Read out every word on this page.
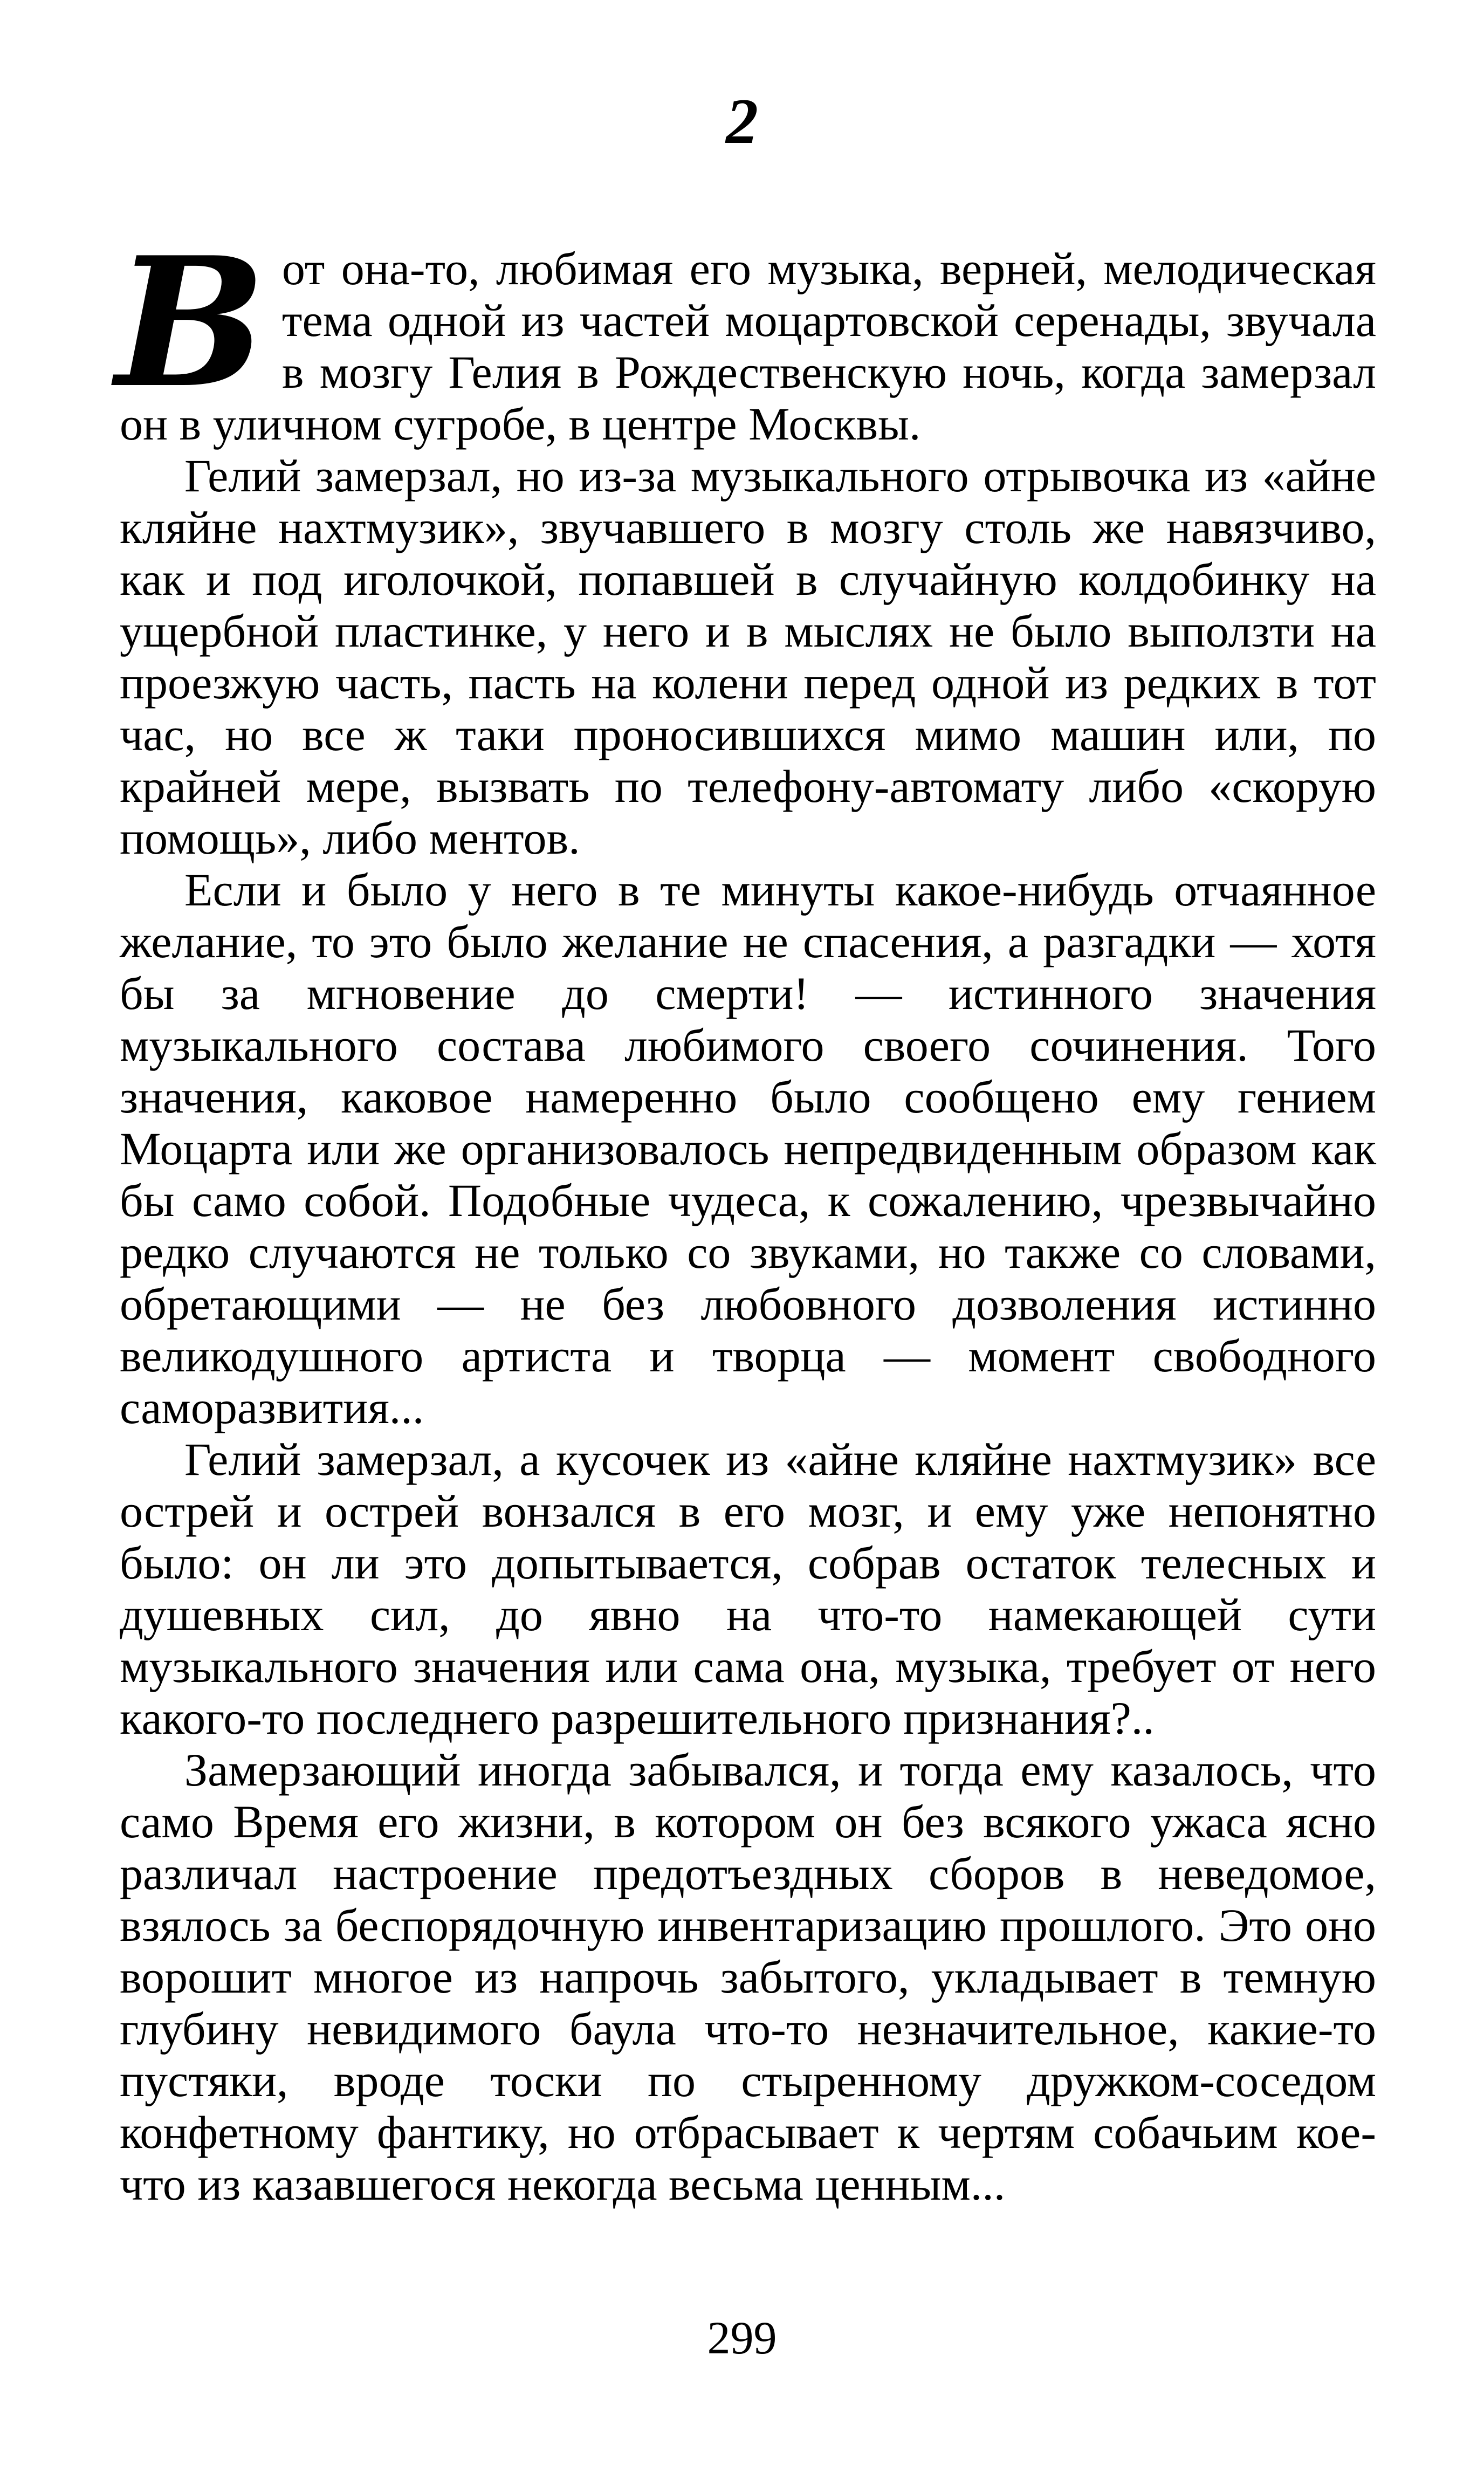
2

Вот она-то, любимая его музыка, верней, мелодическая тема одной из частей моцартовской серенады, звучала в мозгу Гелия в Рождественскую ночь, когда замерзал он в уличном сугробе, в центре Москвы.

Гелий замерзал, но из-за музыкального отрывочка из «айне кляйне нахтмузик», звучавшего в мозгу столь же навязчиво, как и под иголочкой, попавшей в случайную колдобинку на ущербной пластинке, у него и в мыслях не было выползти на проезжую часть, пасть на колени перед одной из редких в тот час, но все ж таки проносившихся мимо машин или, по крайней мере, вызвать по телефону-автомату либо «скорую помощь», либо ментов.

Если и было у него в те минуты какое-нибудь отчаянное желание, то это было желание не спасения, а разгадки — хотя бы за мгновение до смерти! — истинного значения музыкального состава любимого своего сочинения. Того значения, каковое намеренно было сообщено ему гением Моцарта или же организовалось непредвиденным образом как бы само собой. Подобные чудеса, к сожалению, чрезвычайно редко случаются не только со звуками, но также со словами, обретающими — не без любовного дозволения истинно великодушного артиста и творца — момент свободного саморазвития...

Гелий замерзал, а кусочек из «айне кляйне нахтмузик» все острей и острей вонзался в его мозг, и ему уже непонятно было: он ли это допытывается, собрав остаток телесных и душевных сил, до явно на что-то намекающей сути музыкального значения или сама она, музыка, требует от него какого-то последнего разрешительного признания?..

Замерзающий иногда забывался, и тогда ему казалось, что само Время его жизни, в котором он без всякого ужаса ясно различал настроение предотъездных сборов в неведомое, взялось за беспорядочную инвентаризацию прошлого. Это оно ворошит многое из напрочь забытого, укладывает в темную глубину невидимого баула что-то незначительное, какие-то пустяки, вроде тоски по стыренному дружком-соседом конфетному фантику, но отбрасывает к чертям собачьим кое-что из казавшегося некогда весьма ценным...

299
